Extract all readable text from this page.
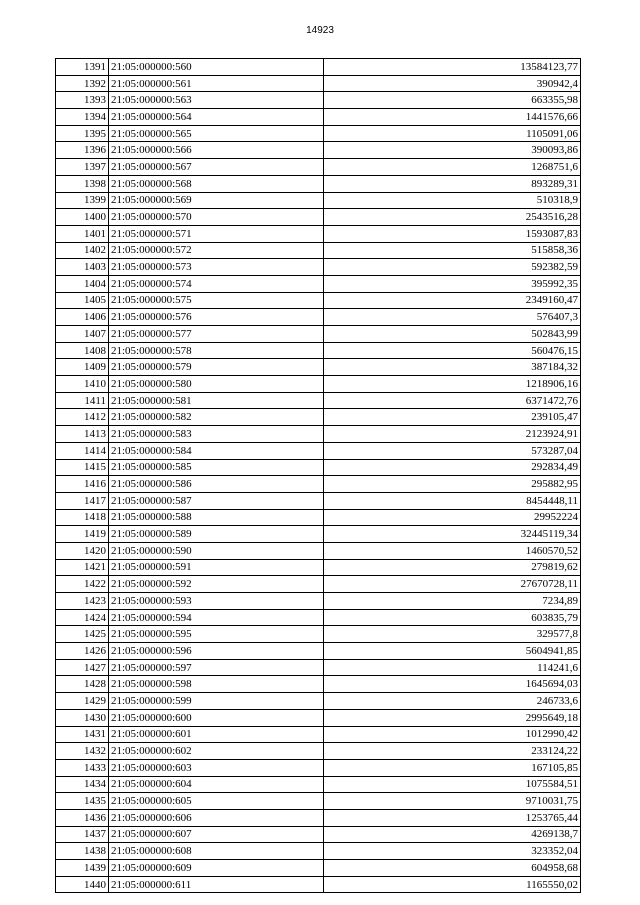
14923
1391	21:05:000000:560	13584123,77
1392	21:05:000000:561	390942,4
1393	21:05:000000:563	663355,98
1394	21:05:000000:564	1441576,66
1395	21:05:000000:565	1105091,06
1396	21:05:000000:566	390093,86
1397	21:05:000000:567	1268751,6
1398	21:05:000000:568	893289,31
1399	21:05:000000:569	510318,9
1400	21:05:000000:570	2543516,28
1401	21:05:000000:571	1593087,83
1402	21:05:000000:572	515858,36
1403	21:05:000000:573	592382,59
1404	21:05:000000:574	395992,35
1405	21:05:000000:575	2349160,47
1406	21:05:000000:576	576407,3
1407	21:05:000000:577	502843,99
1408	21:05:000000:578	560476,15
1409	21:05:000000:579	387184,32
1410	21:05:000000:580	1218906,16
1411	21:05:000000:581	6371472,76
1412	21:05:000000:582	239105,47
1413	21:05:000000:583	2123924,91
1414	21:05:000000:584	573287,04
1415	21:05:000000:585	292834,49
1416	21:05:000000:586	295882,95
1417	21:05:000000:587	8454448,11
1418	21:05:000000:588	29952224
1419	21:05:000000:589	32445119,34
1420	21:05:000000:590	1460570,52
1421	21:05:000000:591	279819,62
1422	21:05:000000:592	27670728,11
1423	21:05:000000:593	7234,89
1424	21:05:000000:594	603835,79
1425	21:05:000000:595	329577,8
1426	21:05:000000:596	5604941,85
1427	21:05:000000:597	114241,6
1428	21:05:000000:598	1645694,03
1429	21:05:000000:599	246733,6
1430	21:05:000000:600	2995649,18
1431	21:05:000000:601	1012990,42
1432	21:05:000000:602	233124,22
1433	21:05:000000:603	167105,85
1434	21:05:000000:604	1075584,51
1435	21:05:000000:605	9710031,75
1436	21:05:000000:606	1253765,44
1437	21:05:000000:607	4269138,7
1438	21:05:000000:608	323352,04
1439	21:05:000000:609	604958,68
1440	21:05:000000:611	1165550,02
